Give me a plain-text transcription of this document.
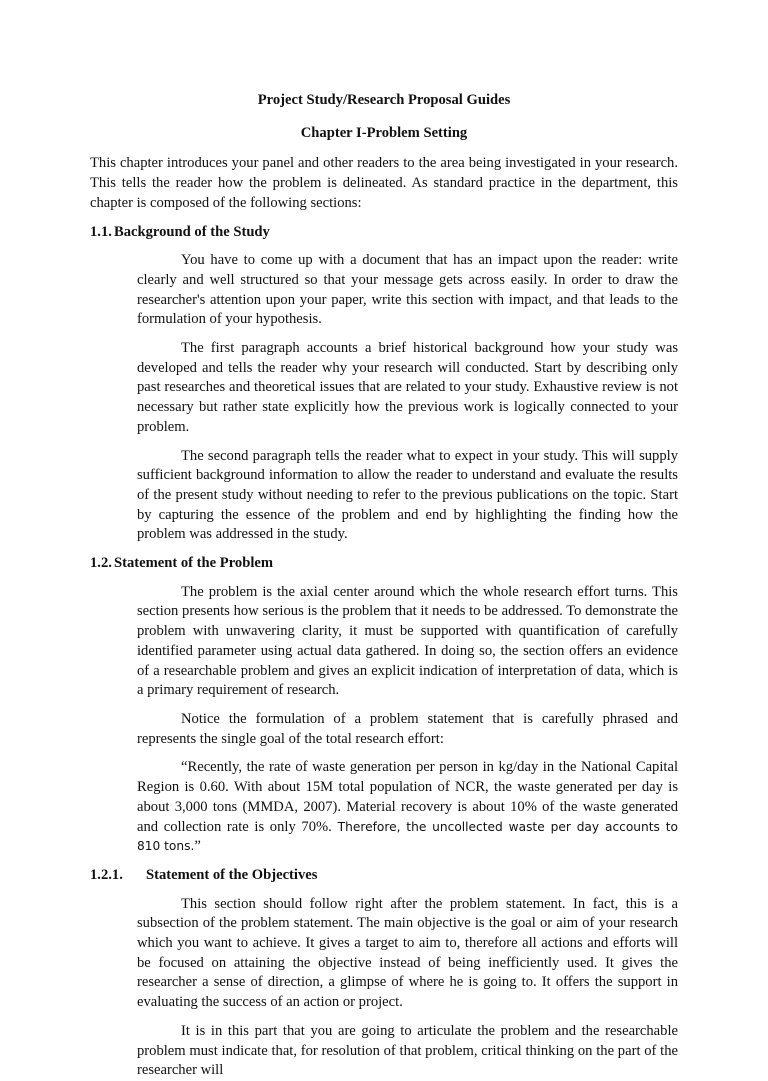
Project Study/Research Proposal Guides

Chapter I-Problem Setting

This chapter introduces your panel and other readers to the area being investigated in your research. This tells the reader how the problem is delineated. As standard practice in the department, this chapter is composed of the following sections:

1.1. Background of the Study

You have to come up with a document that has an impact upon the reader: write clearly and well structured so that your message gets across easily. In order to draw the researcher's attention upon your paper, write this section with impact, and that leads to the formulation of your hypothesis.

The first paragraph accounts a brief historical background how your study was developed and tells the reader why your research will conducted. Start by describing only past researches and theoretical issues that are related to your study. Exhaustive review is not necessary but rather state explicitly how the previous work is logically connected to your problem.

The second paragraph tells the reader what to expect in your study. This will supply sufficient background information to allow the reader to understand and evaluate the results of the present study without needing to refer to the previous publications on the topic. Start by capturing the essence of the problem and end by highlighting the finding how the problem was addressed in the study.

1.2. Statement of the Problem

The problem is the axial center around which the whole research effort turns. This section presents how serious is the problem that it needs to be addressed. To demonstrate the problem with unwavering clarity, it must be supported with quantification of carefully identified parameter using actual data gathered. In doing so, the section offers an evidence of a researchable problem and gives an explicit indication of interpretation of data, which is a primary requirement of research.

Notice the formulation of a problem statement that is carefully phrased and represents the single goal of the total research effort:

“Recently, the rate of waste generation per person in kg/day in the National Capital Region is 0.60. With about 15M total population of NCR, the waste generated per day is about 3,000 tons (MMDA, 2007). Material recovery is about 10% of the waste generated and collection rate is only 70%. Therefore, the uncollected waste per day accounts to 810 tons.”

1.2.1. Statement of the Objectives

This section should follow right after the problem statement. In fact, this is a subsection of the problem statement. The main objective is the goal or aim of your research which you want to achieve. It gives a target to aim to, therefore all actions and efforts will be focused on attaining the objective instead of being inefficiently used. It gives the researcher a sense of direction, a glimpse of where he is going to. It offers the support in evaluating the success of an action or project.

It is in this part that you are going to articulate the problem and the researchable problem must indicate that, for resolution of that problem, critical thinking on the part of the researcher will
